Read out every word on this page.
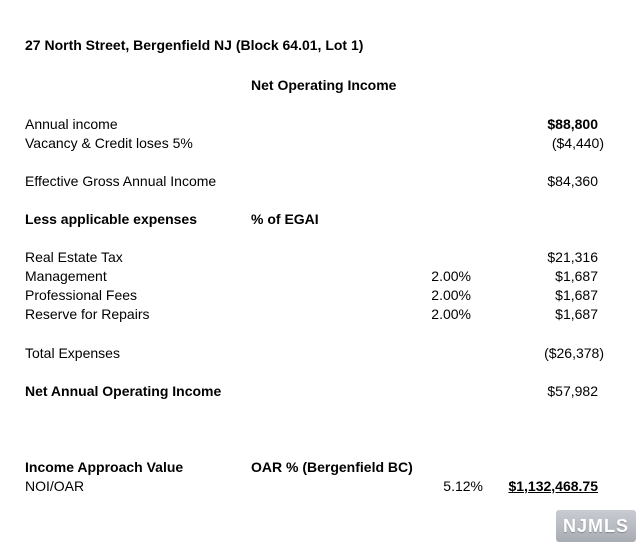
27 North Street, Bergenfield NJ (Block 64.01, Lot 1)
Net Operating Income
Annual income	$88,800
Vacancy & Credit loses 5%	($4,440)
Effective Gross Annual Income	$84,360
Less applicable expenses	% of EGAI
Real Estate Tax	$21,316
Management	2.00%	$1,687
Professional Fees	2.00%	$1,687
Reserve for Repairs	2.00%	$1,687
Total Expenses	($26,378)
Net Annual Operating Income	$57,982
Income Approach Value	OAR % (Bergenfield BC)
NOI/OAR	5.12% $1,132,468.75
NJMLS
